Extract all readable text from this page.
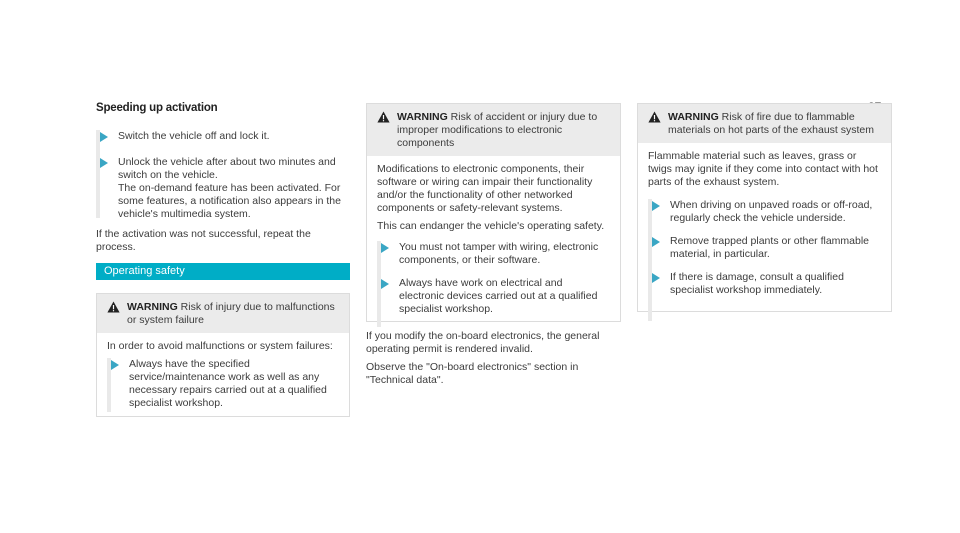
Speeding up activation

Switch the vehicle off and lock it.

Unlock the vehicle after about two minutes and switch on the vehicle.

The on-demand feature has been activated. For some features, a notification also appears in the vehicle's multimedia system.

If the activation was not successful, repeat the process.

Operating safety
WARNING Risk of injury due to malfunctions or system failure

In order to avoid malfunctions or system failures:

Always have the specified service/maintenance work as well as any necessary repairs carried out at a qualified specialist workshop.

WARNING Risk of accident or injury due to improper modifications to electronic components

Modifications to electronic components, their software or wiring can impair their functionality and/or the functionality of other networked components or safety-relevant systems.

This can endanger the vehicle's operating safety.

You must not tamper with wiring, electronic components, or their software.

Always have work on electrical and electronic devices carried out at a qualified specialist workshop.

If you modify the on-board electronics, the general operating permit is rendered invalid.

Observe the "On-board electronics" section in "Technical data".

WARNING Risk of fire due to flammable materials on hot parts of the exhaust system

Flammable material such as leaves, grass or twigs may ignite if they come into contact with hot parts of the exhaust system.

When driving on unpaved roads or off-road, regularly check the vehicle underside.

Remove trapped plants or other flammable material, in particular.

If there is damage, consult a qualified specialist workshop immediately.
